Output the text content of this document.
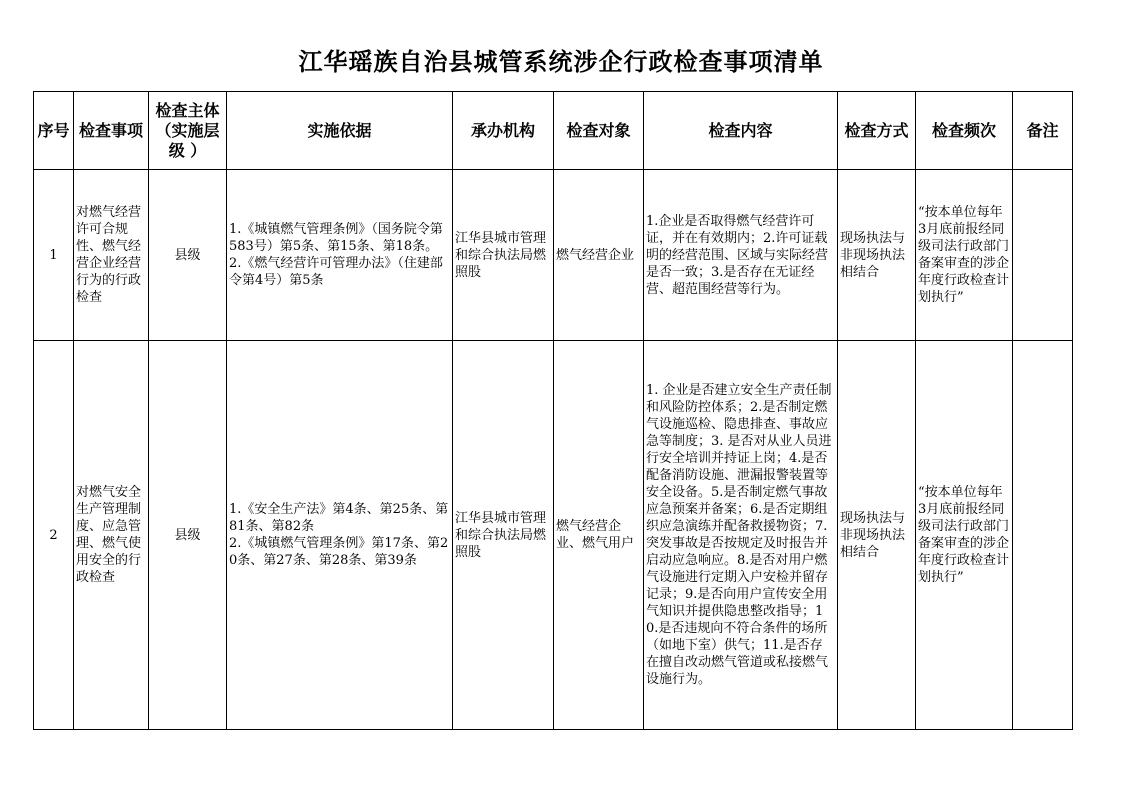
江华瑶族自治县城管系统涉企行政检查事项清单
序号	检查事项	检查主体（实施层级 ）	实施依据	承办机构	检查对象	检查内容	检查方式	检查频次	备注
1	对燃气经营许可合规性、燃气经营企业经营行为的行政检查	县级	1.《城镇燃气管理条例》（国务院令第583号）第5条、第15条、第18条。
2.《燃气经营许可管理办法》（住建部令第4号）第5条	江华县城市管理和综合执法局燃照股	燃气经营企业	1.企业是否取得燃气经营许可证，并在有效期内；2.许可证载明的经营范围、区域与实际经营是否一致；3.是否存在无证经营、超范围经营等行为。	现场执法与非现场执法相结合	“按本单位每年3月底前报经同级司法行政部门备案审查的涉企年度行政检查计划执行”	
2	对燃气安全生产管理制度、应急管理、燃气使用安全的行政检查	县级	1.《安全生产法》第4条、第25条、第81条、第82条
2.《城镇燃气管理条例》第17条、第20条、第27条、第28条、第39条	江华县城市管理和综合执法局燃照股	燃气经营企业、燃气用户	1. 企业是否建立安全生产责任制和风险防控体系；2.是否制定燃气设施巡检、隐患排查、事故应急等制度；3. 是否对从业人员进行安全培训并持证上岗；4.是否配备消防设施、泄漏报警装置等安全设备。5.是否制定燃气事故应急预案并备案；6.是否定期组织应急演练并配备救援物资；7.突发事故是否按规定及时报告并启动应急响应。8.是否对用户燃气设施进行定期入户安检并留存记录；9.是否向用户宣传安全用气知识并提供隐患整改指导；10.是否违规向不符合条件的场所（如地下室）供气；11.是否存在擅自改动燃气管道或私接燃气设施行为。	现场执法与非现场执法相结合	“按本单位每年3月底前报经同级司法行政部门备案审查的涉企年度行政检查计划执行”	
